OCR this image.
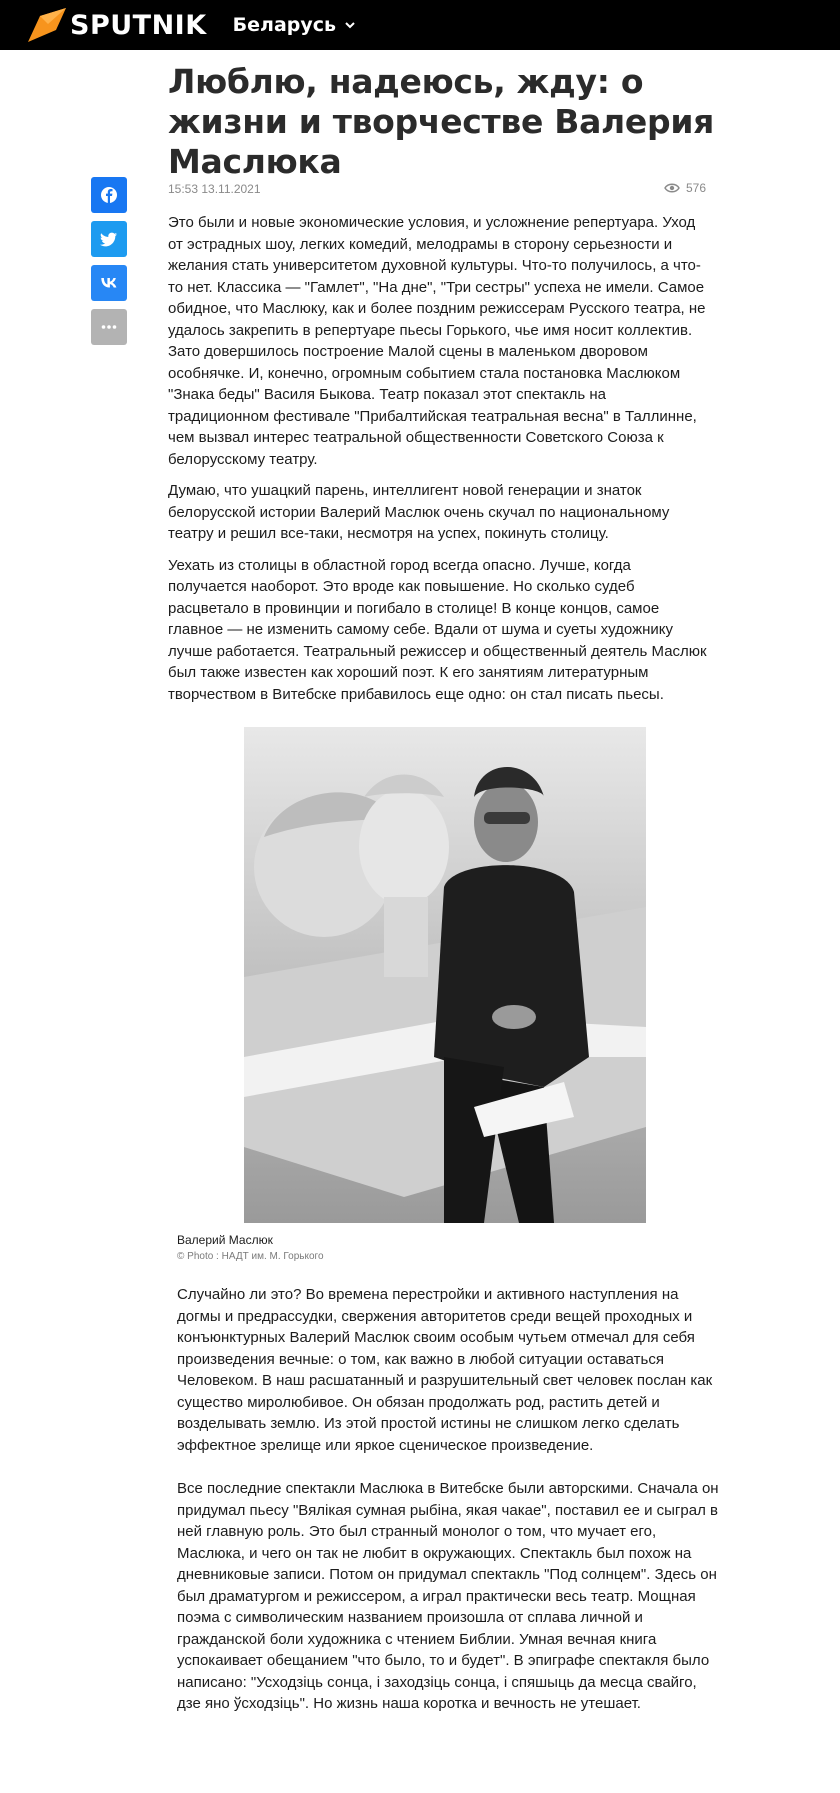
SPUTNIK Беларусь
Люблю, надеюсь, жду: о жизни и творчестве Валерия Маслюка
15:53 13.11.2021	576

Это были и новые экономические условия, и усложнение репертуара. Уход от эстрадных шоу, легких комедий, мелодрамы в сторону серьезности и желания стать университетом духовной культуры. Что-то получилось, а что-то нет. Классика — "Гамлет", "На дне", "Три сестры" успеха не имели. Самое обидное, что Маслюку, как и более поздним режиссерам Русского театра, не удалось закрепить в репертуаре пьесы Горького, чье имя носит коллектив. Зато довершилось построение Малой сцены в маленьком дворовом особнячке. И, конечно, огромным событием стала постановка Маслюком "Знака беды" Василя Быкова. Театр показал этот спектакль на традиционном фестивале "Прибалтийская театральная весна" в Таллинне, чем вызвал интерес театральной общественности Советского Союза к белорусскому театру.

Думаю, что ушацкий парень, интеллигент новой генерации и знаток белорусской истории Валерий Маслюк очень скучал по национальному театру и решил все-таки, несмотря на успех, покинуть столицу.

Уехать из столицы в областной город всегда опасно. Лучше, когда получается наоборот. Это вроде как повышение. Но сколько судеб расцветало в провинции и погибало в столице! В конце концов, самое главное — не изменить самому себе. Вдали от шума и суеты художнику лучше работается. Театральный режиссер и общественный деятель Маслюк был также известен как хороший поэт. К его занятиям литературным творчеством в Витебске прибавилось еще одно: он стал писать пьесы.

Валерий Маслюк
© Photo : НАДТ им. М. Горького

Случайно ли это? Во времена перестройки и активного наступления на догмы и предрассудки, свержения авторитетов среди вещей проходных и конъюнктурных Валерий Маслюк своим особым чутьем отмечал для себя произведения вечные: о том, как важно в любой ситуации оставаться Человеком. В наш расшатанный и разрушительный свет человек послан как существо миролюбивое. Он обязан продолжать род, растить детей и возделывать землю. Из этой простой истины не слишком легко сделать эффектное зрелище или яркое сценическое произведение.

Все последние спектакли Маслюка в Витебске были авторскими. Сначала он придумал пьесу "Вялікая сумная рыбіна, якая чакае", поставил ее и сыграл в ней главную роль. Это был странный монолог о том, что мучает его, Маслюка, и чего он так не любит в окружающих. Спектакль был похож на дневниковые записи. Потом он придумал спектакль "Под солнцем". Здесь он был драматургом и режиссером, а играл практически весь театр. Мощная поэма с символическим названием произошла от сплава личной и гражданской боли художника с чтением Библии. Умная вечная книга успокаивает обещанием "что было, то и будет". В эпиграфе спектакля было написано: "Усходзіць сонца, і заходзіць сонца, і спяшыць да месца свайго, дзе яно ўсходзіць". Но жизнь наша коротка и вечность не утешает.
